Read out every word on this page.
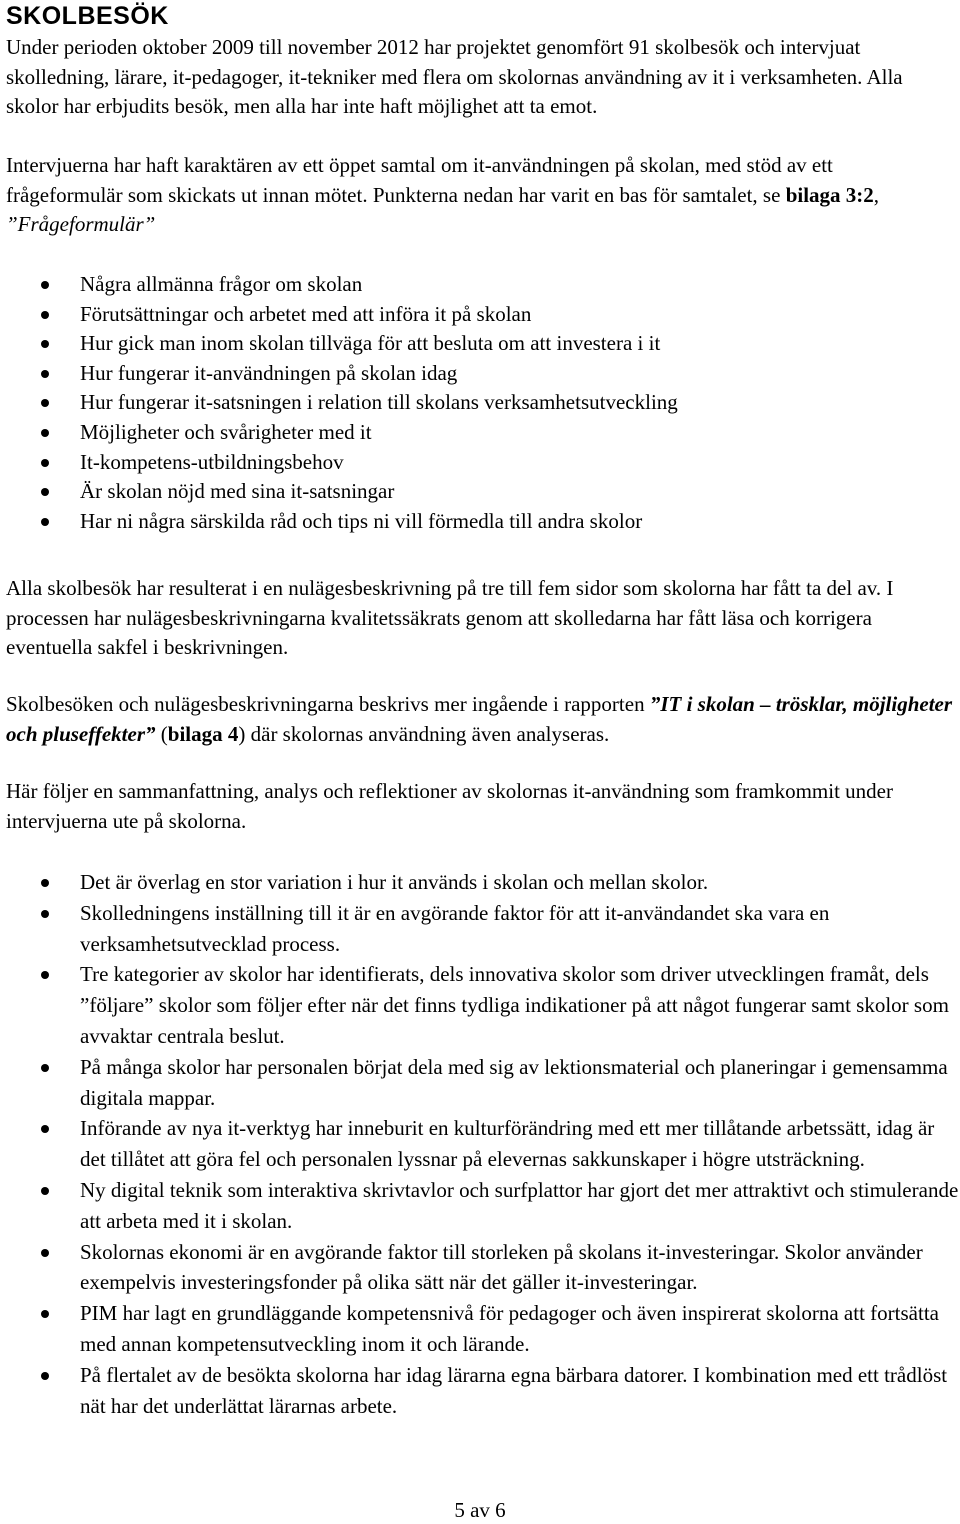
SKOLBESÖK

Under perioden oktober 2009 till november 2012 har projektet genomfört 91 skolbesök och intervjuat skolledning, lärare, it-pedagoger, it-tekniker med flera om skolornas användning av it i verksamheten. Alla skolor har erbjudits besök, men alla har inte haft möjlighet att ta emot.

Intervjuerna har haft karaktären av ett öppet samtal om it-användningen på skolan, med stöd av ett frågeformulär som skickats ut innan mötet. Punkterna nedan har varit en bas för samtalet, se bilaga 3:2, ”Frågeformulär”

Några allmänna frågor om skolan
Förutsättningar och arbetet med att införa it på skolan
Hur gick man inom skolan tillväga för att besluta om att investera i it
Hur fungerar it-användningen på skolan idag
Hur fungerar it-satsningen i relation till skolans verksamhetsutveckling
Möjligheter och svårigheter med it
It-kompetens-utbildningsbehov
Är skolan nöjd med sina it-satsningar
Har ni några särskilda råd och tips ni vill förmedla till andra skolor

Alla skolbesök har resulterat i en nulägesbeskrivning på tre till fem sidor som skolorna har fått ta del av. I processen har nulägesbeskrivningarna kvalitetssäkrats genom att skolledarna har fått läsa och korrigera eventuella sakfel i beskrivningen.

Skolbesöken och nulägesbeskrivningarna beskrivs mer ingående i rapporten ”IT i skolan – trösklar, möjligheter och pluseffekter” (bilaga 4) där skolornas användning även analyseras.

Här följer en sammanfattning, analys och reflektioner av skolornas it-användning som framkommit under intervjuerna ute på skolorna.

Det är överlag en stor variation i hur it används i skolan och mellan skolor.
Skolledningens inställning till it är en avgörande faktor för att it-användandet ska vara en verksamhetsutvecklad process.
Tre kategorier av skolor har identifierats, dels innovativa skolor som driver utvecklingen framåt, dels ”följare” skolor som följer efter när det finns tydliga indikationer på att något fungerar samt skolor som avvaktar centrala beslut.
På många skolor har personalen börjat dela med sig av lektionsmaterial och planeringar i gemensamma digitala mappar.
Införande av nya it-verktyg har inneburit en kulturförändring med ett mer tillåtande arbetssätt, idag är det tillåtet att göra fel och personalen lyssnar på elevernas sakkunskaper i högre utsträckning.
Ny digital teknik som interaktiva skrivtavlor och surfplattor har gjort det mer attraktivt och stimulerande att arbeta med it i skolan.
Skolornas ekonomi är en avgörande faktor till storleken på skolans it-investeringar. Skolor använder exempelvis investeringsfonder på olika sätt när det gäller it-investeringar.
PIM har lagt en grundläggande kompetensnivå för pedagoger och även inspirerat skolorna att fortsätta med annan kompetensutveckling inom it och lärande.
På flertalet av de besökta skolorna har idag lärarna egna bärbara datorer. I kombination med ett trådlöst nät har det underlättat lärarnas arbete.
5 av 6
